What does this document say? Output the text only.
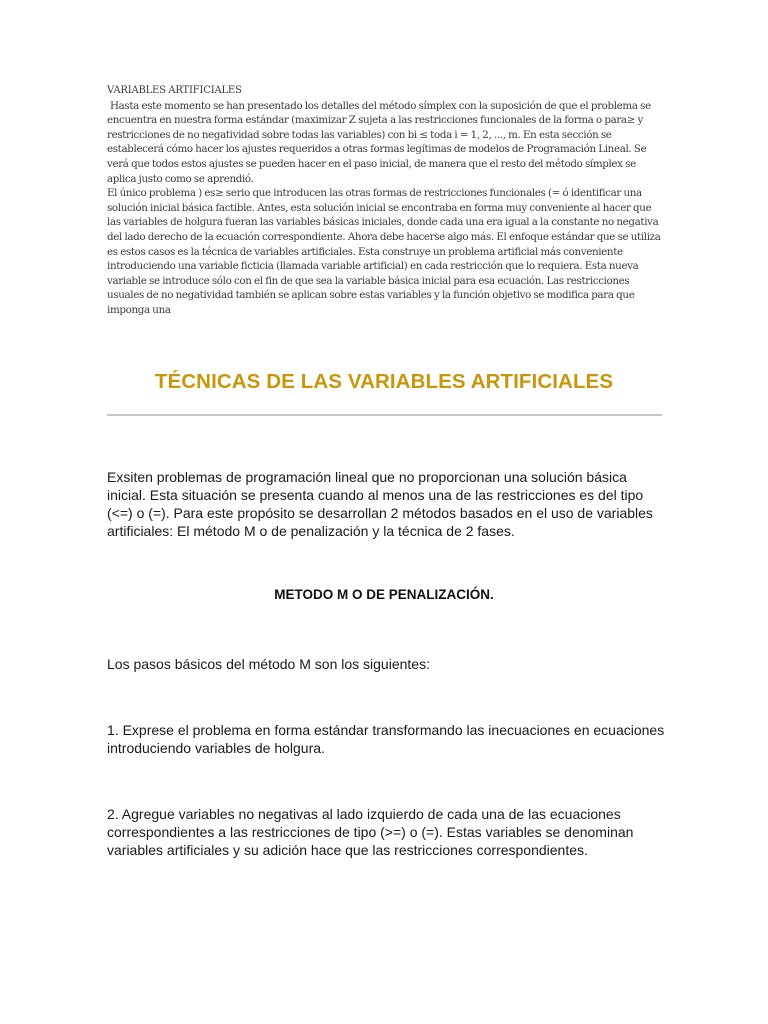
VARIABLES ARTIFICIALES

Hasta este momento se han presentado los detalles del método símplex con la suposición de que el problema se encuentra en nuestra forma estándar (maximizar Z sujeta a las restricciones funcionales de la forma o para≥ y restricciones de no negatividad sobre todas las variables) con bi ≤ toda i = 1, 2, ..., m. En esta sección se establecerá cómo hacer los ajustes requeridos a otras formas legítimas de modelos de Programación Lineal. Se verá que todos estos ajustes se pueden hacer en el paso inicial, de manera que el resto del método símplex se aplica justo como se aprendió.

El único problema ) es≥ serio que introducen las otras formas de restricciones funcionales (= ó identificar una solución inicial básica factible. Antes, esta solución inicial se encontraba en forma muy conveniente al hacer que las variables de holgura fueran las variables básicas iniciales, donde cada una era igual a la constante no negativa del lado derecho de la ecuación correspondiente. Ahora debe hacerse algo más. El enfoque estándar que se utiliza es estos casos es la técnica de variables artificiales. Esta construye un problema artificial más conveniente introduciendo una variable ficticia (llamada variable artificial) en cada restricción que lo requiera. Esta nueva variable se introduce sólo con el fin de que sea la variable básica inicial para esa ecuación. Las restricciones usuales de no negatividad también se aplican sobre estas variables y la función objetivo se modifica para que imponga una

TÉCNICAS DE LAS VARIABLES ARTIFICIALES

Exsiten problemas de programación lineal que no proporcionan una solución básica inicial. Esta situación se presenta cuando al menos una de las restricciones es del tipo (<=) o (=). Para este propósito se desarrollan 2 métodos basados en el uso de variables artificiales: El método M o de penalización y la técnica de 2 fases.

METODO M O DE PENALIZACIÓN.

Los pasos básicos del método M son los siguientes:

1. Exprese el problema en forma estándar transformando las inecuaciones en ecuaciones introduciendo variables de holgura.

2. Agregue variables no negativas al lado izquierdo de cada una de las ecuaciones correspondientes a las restricciones de tipo (>=) o (=). Estas variables se denominan variables artificiales y su adición hace que las restricciones correspondientes.
